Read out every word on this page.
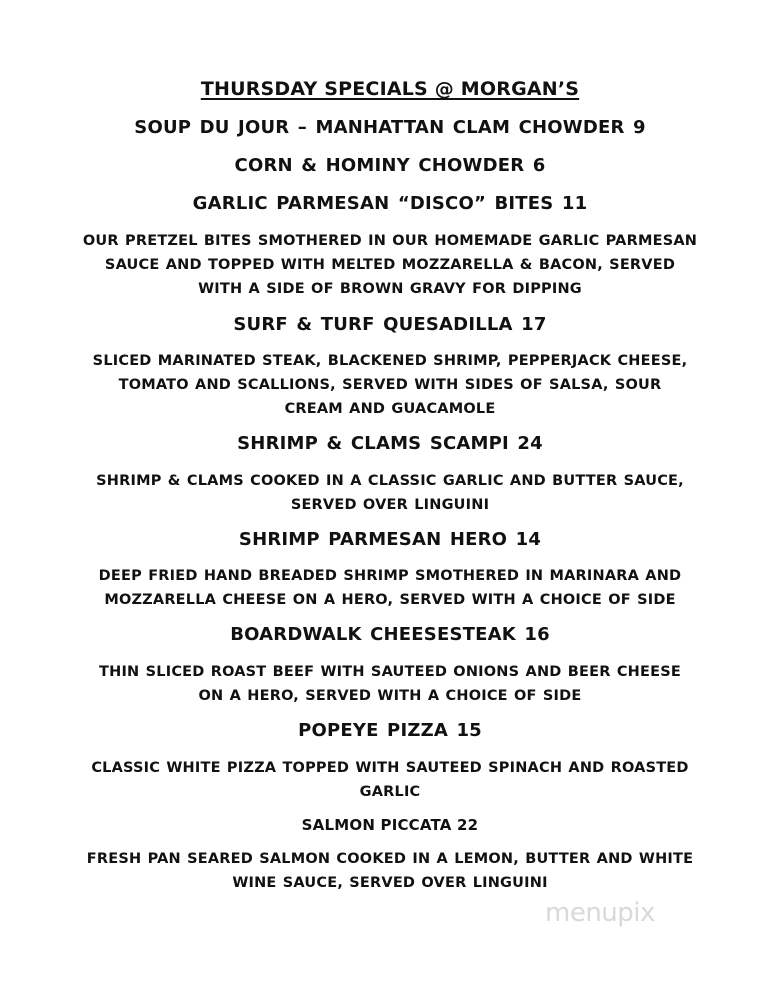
THURSDAY SPECIALS @ MORGAN’S
SOUP DU JOUR – MANHATTAN CLAM CHOWDER 9
CORN & HOMINY CHOWDER 6
GARLIC PARMESAN “DISCO” BITES 11
OUR PRETZEL BITES SMOTHERED IN OUR HOMEMADE GARLIC PARMESAN
SAUCE AND TOPPED WITH MELTED MOZZARELLA & BACON, SERVED
WITH A SIDE OF BROWN GRAVY FOR DIPPING
SURF & TURF QUESADILLA 17
SLICED MARINATED STEAK, BLACKENED SHRIMP, PEPPERJACK CHEESE,
TOMATO AND SCALLIONS, SERVED WITH SIDES OF SALSA, SOUR
CREAM AND GUACAMOLE
SHRIMP & CLAMS SCAMPI 24
SHRIMP & CLAMS COOKED IN A CLASSIC GARLIC AND BUTTER SAUCE,
SERVED OVER LINGUINI
SHRIMP PARMESAN HERO 14
DEEP FRIED HAND BREADED SHRIMP SMOTHERED IN MARINARA AND
MOZZARELLA CHEESE ON A HERO, SERVED WITH A CHOICE OF SIDE
BOARDWALK CHEESESTEAK 16
THIN SLICED ROAST BEEF WITH SAUTEED ONIONS AND BEER CHEESE
ON A HERO, SERVED WITH A CHOICE OF SIDE
POPEYE PIZZA 15
CLASSIC WHITE PIZZA TOPPED WITH SAUTEED SPINACH AND ROASTED
GARLIC
SALMON PICCATA 22
FRESH PAN SEARED SALMON COOKED IN A LEMON, BUTTER AND WHITE
WINE SAUCE, SERVED OVER LINGUINI
menupix
